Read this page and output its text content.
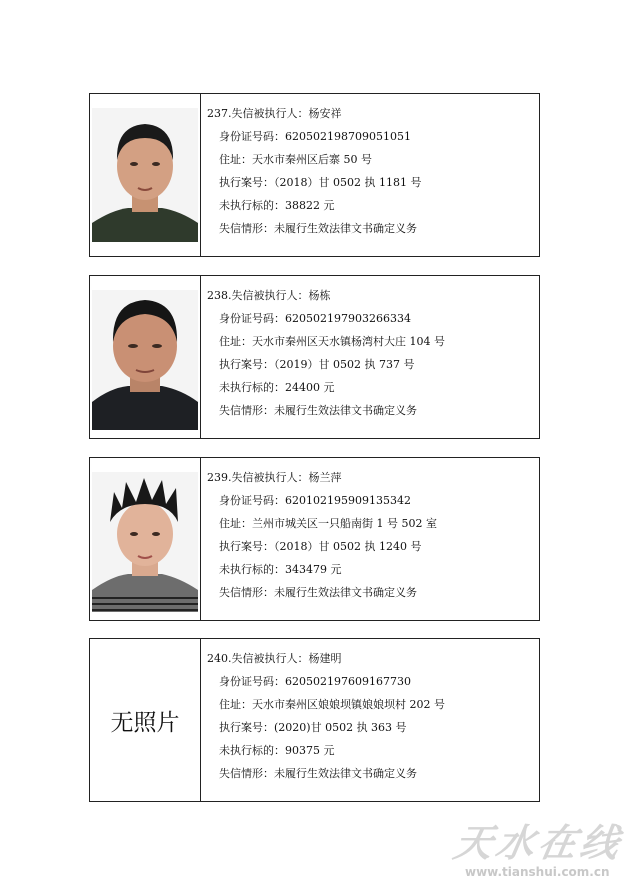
237.失信被执行人：杨安祥
身份证号码：620502198709051051
住址：天水市秦州区后寨 50 号
执行案号：（2018）甘 0502 执 1181 号
未执行标的：38822 元
失信情形：未履行生效法律文书确定义务
238.失信被执行人：杨栋
身份证号码：620502197903266334
住址：天水市秦州区天水镇杨湾村大庄 104 号
执行案号：（2019）甘 0502 执 737 号
未执行标的：24400 元
失信情形：未履行生效法律文书确定义务
239.失信被执行人：杨兰萍
身份证号码：620102195909135342
住址：兰州市城关区一只船南街 1 号 502 室
执行案号：（2018）甘 0502 执 1240 号
未执行标的：343479 元
失信情形：未履行生效法律文书确定义务
无照片
240.失信被执行人：杨建明
身份证号码：620502197609167730
住址：天水市秦州区娘娘坝镇娘娘坝村 202 号
执行案号：(2020)甘 0502 执 363 号
未执行标的：90375 元
失信情形：未履行生效法律文书确定义务
天水在线
www.tianshui.com.cn
